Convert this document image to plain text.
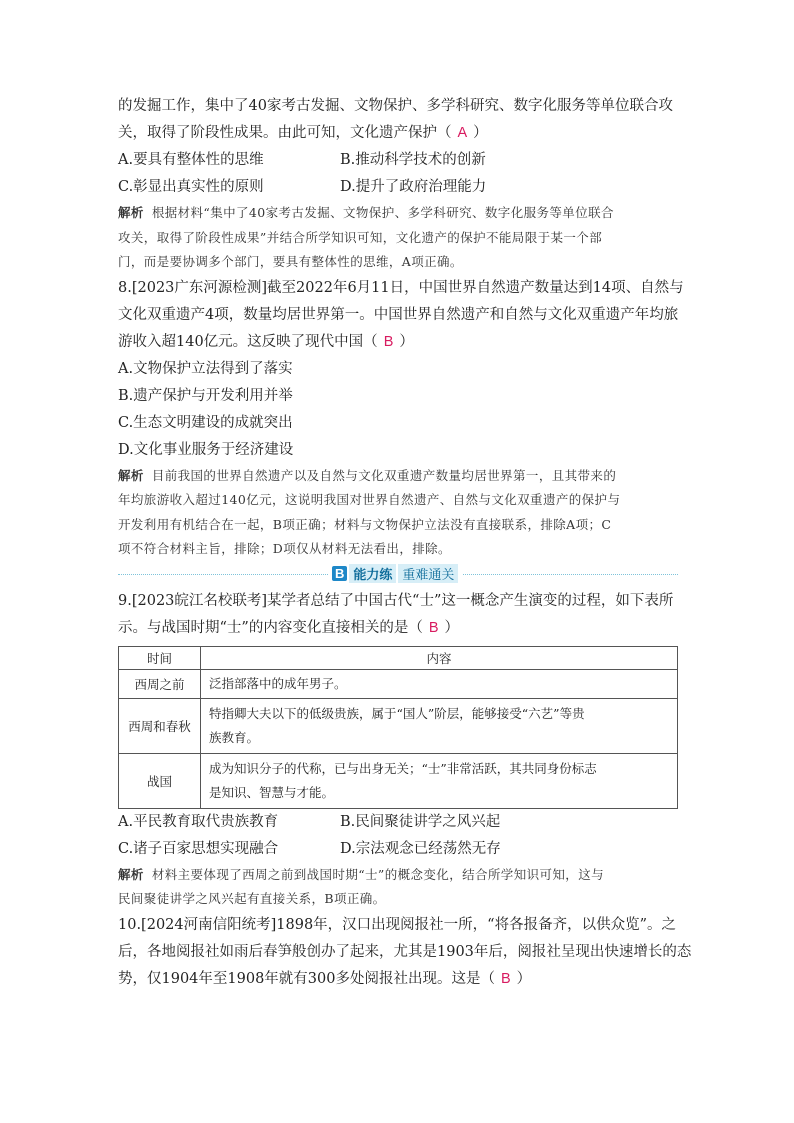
的发掘工作，集中了40家考古发掘、文物保护、多学科研究、数字化服务等单位联合攻
关，取得了阶段性成果。由此可知，文化遗产保护（ A ）
A.要具有整体性的思维	B.推动科学技术的创新
C.彰显出真实性的原则	D.提升了政府治理能力
解析 根据材料“集中了40家考古发掘、文物保护、多学科研究、数字化服务等单位联合
攻关，取得了阶段性成果”并结合所学知识可知，文化遗产的保护不能局限于某一个部
门，而是要协调多个部门，要具有整体性的思维，A项正确。
8.[2023广东河源检测]截至2022年6月11日，中国世界自然遗产数量达到14项、自然与
文化双重遗产4项，数量均居世界第一。中国世界自然遗产和自然与文化双重遗产年均旅
游收入超140亿元。这反映了现代中国（ B ）
A.文物保护立法得到了落实
B.遗产保护与开发利用并举
C.生态文明建设的成就突出
D.文化事业服务于经济建设
解析 目前我国的世界自然遗产以及自然与文化双重遗产数量均居世界第一，且其带来的
年均旅游收入超过140亿元，这说明我国对世界自然遗产、自然与文化双重遗产的保护与
开发利用有机结合在一起，B项正确；材料与文物保护立法没有直接联系，排除A项；C
项不符合材料主旨，排除；D项仅从材料无法看出，排除。
B 能力练 重难通关
9.[2023皖江名校联考]某学者总结了中国古代“士”这一概念产生演变的过程，如下表所
示。与战国时期“士”的内容变化直接相关的是（ B ）
时间	内容
西周之前	泛指部落中的成年男子。

西周和春秋	特指卿大夫以下的低级贵族，属于“国人”阶层，能够接受“六艺”等贵
族教育。

战国	成为知识分子的代称，已与出身无关；“士”非常活跃，其共同身份标志
是知识、智慧与才能。
A.平民教育取代贵族教育	B.民间聚徒讲学之风兴起
C.诸子百家思想实现融合	D.宗法观念已经荡然无存
解析 材料主要体现了西周之前到战国时期“士”的概念变化，结合所学知识可知，这与
民间聚徒讲学之风兴起有直接关系，B项正确。
10.[2024河南信阳统考]1898年，汉口出现阅报社一所，“将各报备齐，以供众览”。之
后，各地阅报社如雨后春笋般创办了起来，尤其是1903年后，阅报社呈现出快速增长的态
势，仅1904年至1908年就有300多处阅报社出现。这是（ B ）
